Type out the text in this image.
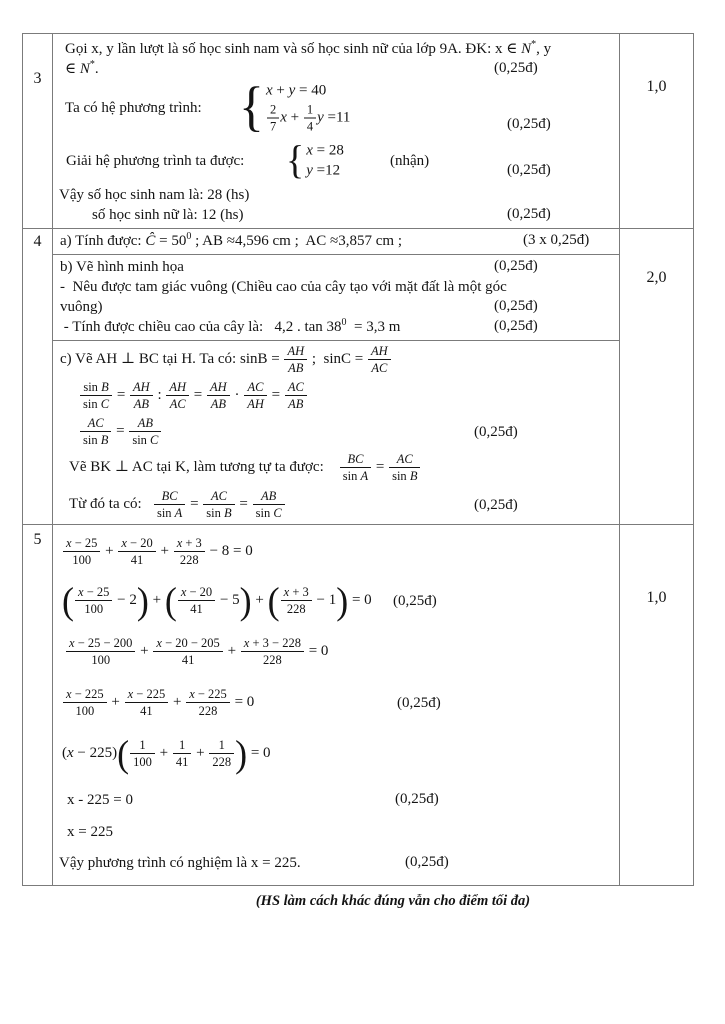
3	
Gọi x, y lần lượt là số học sinh nam và số học sinh nữ của lớp 9A. ĐK: x ∈ N*, y
∈ N*.	(0,25đ)
Ta có hệ phương trình: { x + y = 40
$\frac{2}{7}$ $x + \frac{1}{4}$ y =11	(0,25đ)
Giải hệ phương trình ta được: { x = 28
y =12
(nhận)
(0,25đ)
Vậy số học sinh nam là: 28 (hs)
số học sinh nữ là: 12 (hs)	(0,25đ)
	1,0
4	a) Tính được: Ĉ = $50^0$ ; AB ≈4,596 cm ;  AC ≈3,857 cm ;	(3 x 0,25đ)
b) Vẽ hình minh họa	(0,25đ)
-  Nêu được tam giác vuông (Chiều cao của cây tạo với mặt đất là một góc
vuông)	(0,25đ)
- Tính được chiều cao của cây là:   4,2 . $\tan 38^0 = 3,3$ m	(0,25đ)
c) Vẽ AH ⊥ BC tại H. Ta có: $\sin B = \frac{AH}{AB}$ ;  $\sin C = \frac{AH}{AC}$
$\frac{\text{sin B}}{\text{sin C}} = \frac{AH}{AB}$ : $\frac{AH}{AC} = \frac{AH}{AB} \cdot \frac{AC}{AH} = \frac{AC}{AB}$
$\frac{AC}{\text{sin B}} = \frac{AB}{\text{sin C}}$	(0,25đ)
Vẽ BK ⊥ AC tại K, làm tương tự ta được: $\frac{BC}{\text{sin A}} = \frac{AC}{\text{sin B}}$
Từ đó ta có: $\frac{BC}{\text{sin A}} = \frac{AC}{\text{sin B}} = \frac{AB}{\text{sin C}}$	(0,25đ)
	2,0
5	$\frac{x - 25}{100} + \frac{x - 20}{41} + \frac{x + 3}{228} - 8 = 0$
( $\frac{x - 25}{100} - 2$) + ( $\frac{x - 20}{41} - 5$) + ( $\frac{x + 3}{228} - 1) = 0$ (0,25đ)
$\frac{x - 25 - 200}{100} + \frac{x - 20 - 205}{41} + \frac{x + 3 - 228}{228} = 0$
$\frac{x - 225}{100} + \frac{x - 225}{41} + \frac{x - 225}{228} = 0$	(0,25đ)
$(x - 225)( \frac{1}{100} + \frac{1}{41} + \frac{1}{228}$ ) = 0
x - 225 = 0	(0,25đ)
x = 225
Vậy phương trình có nghiệm là x = 225.	(0,25đ)
	1,0
(HS làm cách khác đúng vẫn cho điểm tối đa)
